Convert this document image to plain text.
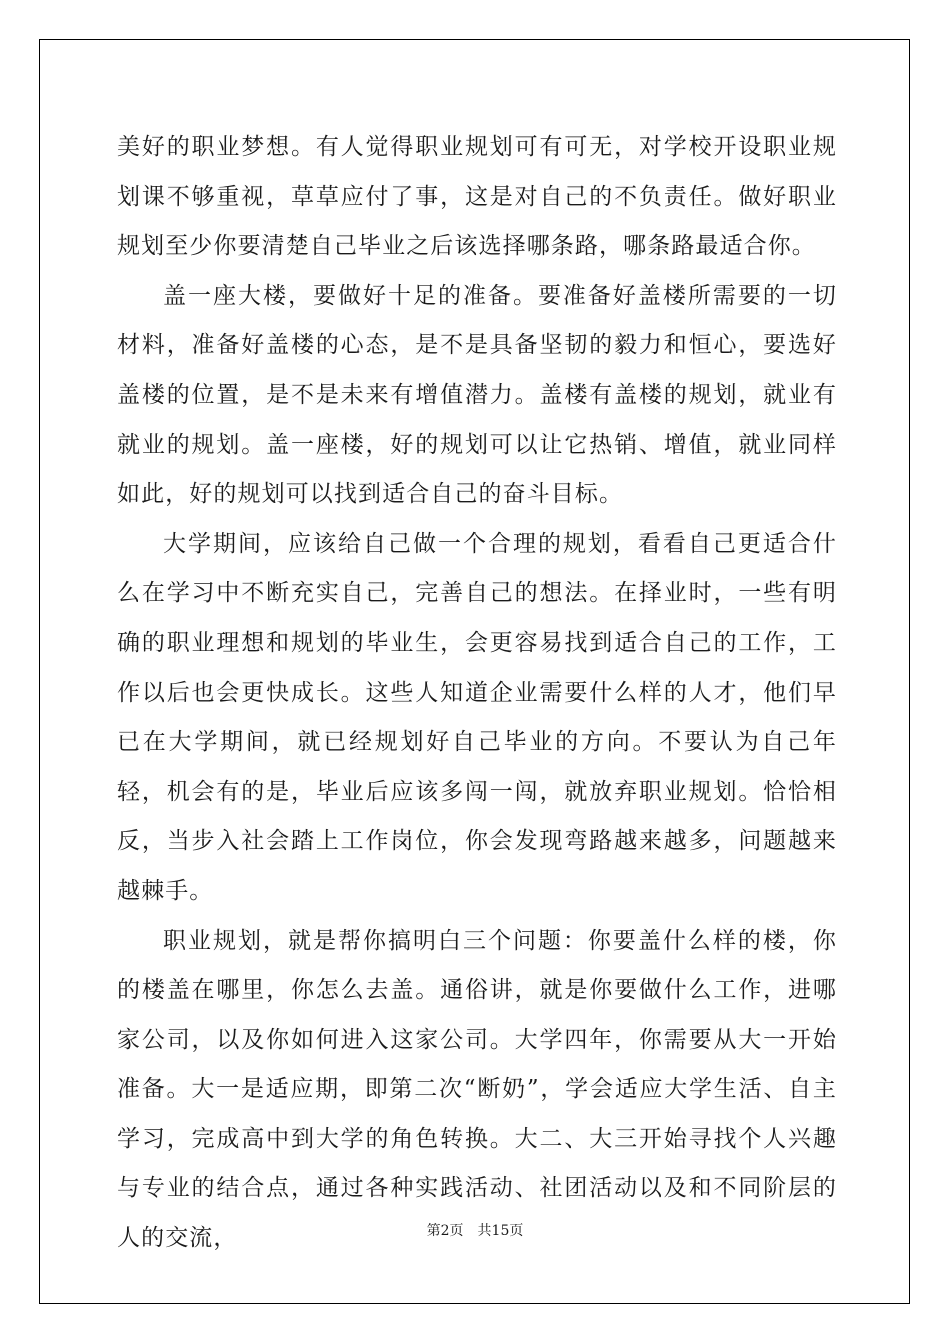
美好的职业梦想。有人觉得职业规划可有可无，对学校开设职业规划课不够重视，草草应付了事，这是对自己的不负责任。做好职业规划至少你要清楚自己毕业之后该选择哪条路，哪条路最适合你。

盖一座大楼，要做好十足的准备。要准备好盖楼所需要的一切材料，准备好盖楼的心态，是不是具备坚韧的毅力和恒心，要选好盖楼的位置，是不是未来有增值潜力。盖楼有盖楼的规划，就业有就业的规划。盖一座楼，好的规划可以让它热销、增值，就业同样如此，好的规划可以找到适合自己的奋斗目标。

大学期间，应该给自己做一个合理的规划，看看自己更适合什么在学习中不断充实自己，完善自己的想法。在择业时，一些有明确的职业理想和规划的毕业生，会更容易找到适合自己的工作，工作以后也会更快成长。这些人知道企业需要什么样的人才，他们早已在大学期间，就已经规划好自己毕业的方向。不要认为自己年轻，机会有的是，毕业后应该多闯一闯，就放弃职业规划。恰恰相反，当步入社会踏上工作岗位，你会发现弯路越来越多，问题越来越棘手。

职业规划，就是帮你搞明白三个问题：你要盖什么样的楼，你的楼盖在哪里，你怎么去盖。通俗讲，就是你要做什么工作，进哪家公司，以及你如何进入这家公司。大学四年，你需要从大一开始准备。大一是适应期，即第二次“断奶”，学会适应大学生活、自主学习，完成高中到大学的角色转换。大二、大三开始寻找个人兴趣与专业的结合点，通过各种实践活动、社团活动以及和不同阶层的人的交流，	第2页 共15页
